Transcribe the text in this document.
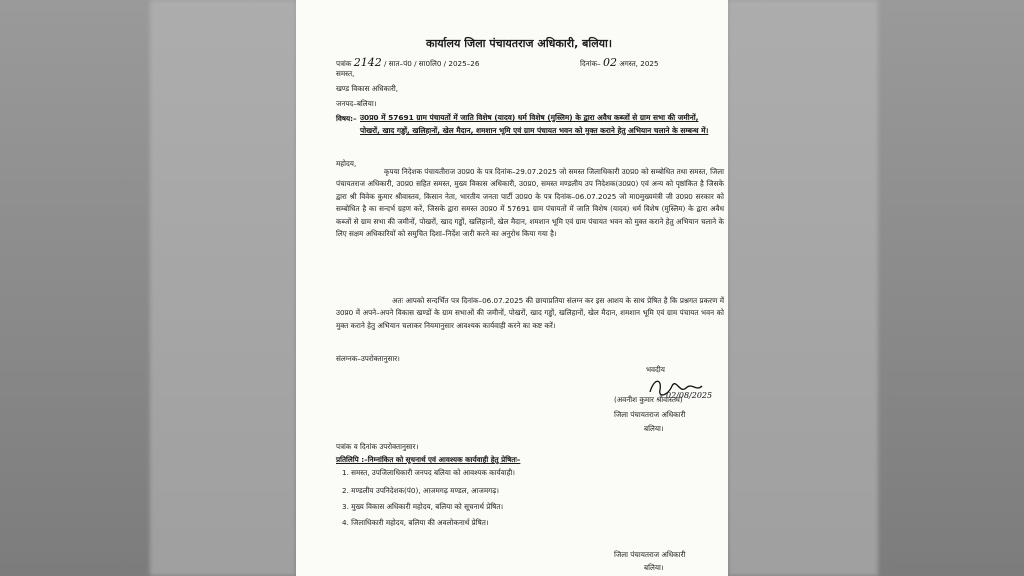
कार्यालय जिला पंचायतराज अधिकारी, बलिया।
पत्रांक 2142 / सात–पं0 / सा0लि0 / 2025–26	दिनांक– 02 अगस्त, 2025
समस्त,
खण्ड विकास अधिकारी,
जनपद–बलिया।
विषय:– उ0प्र0 में 57691 ग्राम पंचायतों में जाति विशेष (यादव) धर्म विशेष (मुस्लिम) के द्वारा अवैध कब्जों से ग्राम सभा की जमीनों, पोखरों, खाद गड्ढों, खलिहानों, खेल मैदान, शमशान भूमि एवं ग्राम पंचायत भवन को मुक्त कराने हेतु अभियान चलाने के सम्बन्ध में।
महोदय,
कृपया निदेशक पंचायतीराज उ0प्र0 के पत्र दिनांक–29.07.2025 जो समस्त जिलाधिकारी उ0प्र0 को सम्बोधित तथा समस्त, जिला पंचायतराज अधिकारी, उ0प्र0 सहित समस्त, मुख्य विकास अधिकारी, उ0प्र0, समस्त मण्डलीय उप निदेशक(उ0प्र0) एवं अन्य को पृष्ठांकित है जिसके द्वारा श्री विवेक कुमार श्रीवास्तव, किसान नेता, भारतीय जनता पार्टी उ0प्र0 के पत्र दिनांक–06.07.2025 जो मा0मुख्यमंत्री जी उ0प्र0 सरकार को सम्बोधित है का सन्दर्भ ग्रहण करें, जिसके द्वारा समस्त उ0प्र0 में 57691 ग्राम पंचायतों में जाति विशेष (यादव) धर्म विशेष (मुस्लिम) के द्वारा अवैध कब्जों से ग्राम सभा की जमीनों, पोखरों, खाद गड्ढों, खलिहानों, खेल मैदान, शमशान भूमि एवं ग्राम पंचायत भवन को मुक्त कराने हेतु अभियान चलाने के लिए सक्षम अधिकारियों को समुचित दिशा–निर्देश जारी करने का अनुरोध किया गया है।
अतः आपको सन्दर्भित पत्र दिनांक–06.07.2025 की छायाप्रतिया संलग्न कर इस आशय के साथ प्रेषित है कि प्रश्नगत प्रकरण में उ0प्र0 में अपने–अपने विकास खण्डों के ग्राम सभाओं की जमीनों, पोखरों, खाद गड्ढों, खलिहानों, खेल मैदान, शमशान भूमि एवं ग्राम पंचायत भवन को मुक्त कराने हेतु अभियान चलाकर नियमानुसार आवश्यक कार्यवाही करने का कष्ट करें।
संलग्नक–उपरोक्तानुसार।
भवदीय
02/08/2025
(अवनीश कुमार श्रीवास्तव)
जिला पंचायतराज अधिकारी
बलिया।
पत्रांक व दिनांक उपरोक्तानुसार।
प्रतिलिपि :–निम्नांकित को सूचनार्थ एवं आवश्यक कार्यवाही हेतु प्रेषितः–
1. समस्त, उपजिलाधिकारी जनपद बलिया को आवश्यक कार्यवाही।
2. मण्डलीय उपनिदेशक(पं0), आजमगढ़ मण्डल, आजमगढ़।
3. मुख्य विकास अधिकारी महोदय, बलिया को सूचनार्थ प्रेषित।
4. जिलाधिकारी महोदय, बलिया की अवलोकनार्थ प्रेषित।
जिला पंचायतराज अधिकारी
बलिया।
